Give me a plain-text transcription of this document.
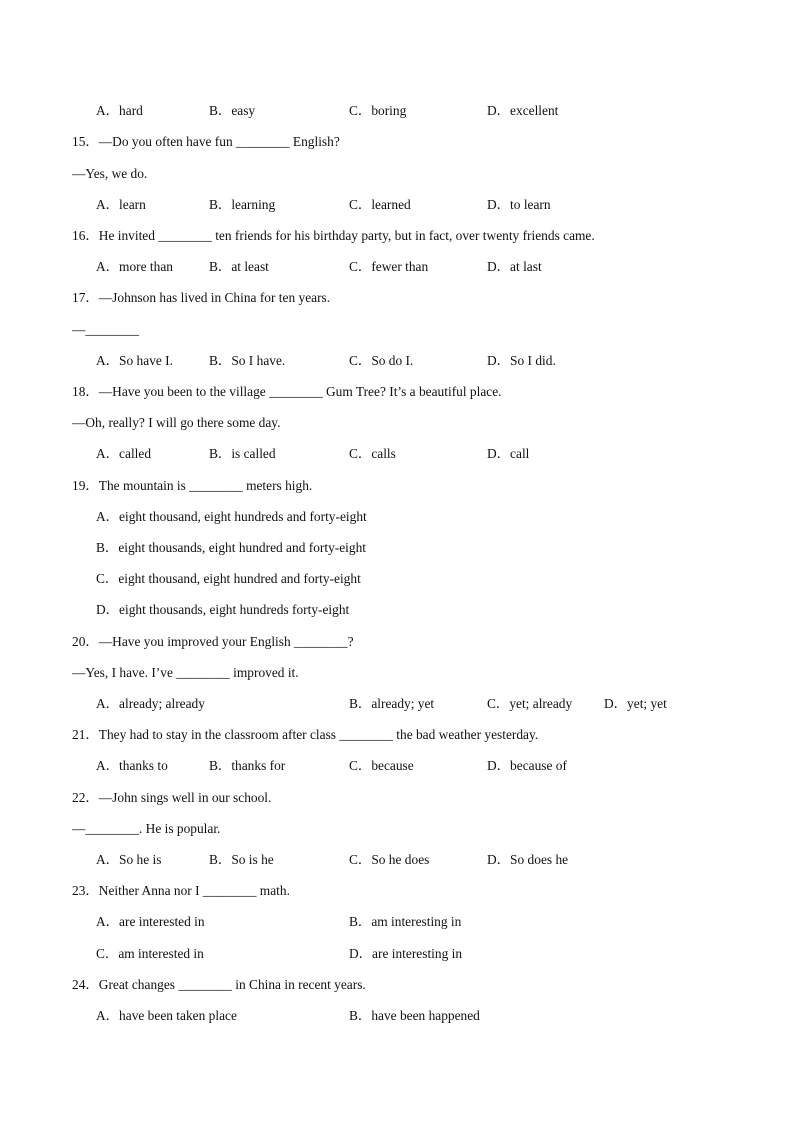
A．hard	B．easy	C．boring	D．excellent
15．—Do you often have fun ________ English?
—Yes, we do.
A．learn	B．learning	C．learned	D．to learn
16．He invited ________ ten friends for his birthday party, but in fact, over twenty friends came.
A．more than	B．at least	C．fewer than	D．at last
17．—Johnson has lived in China for ten years.
—________
A．So have I.	B．So I have.	C．So do I.	D．So I did.
18．—Have you been to the village ________ Gum Tree? It’s a beautiful place.
—Oh, really? I will go there some day.
A．called	B．is called	C．calls	D．call
19．The mountain is ________ meters high.
A．eight thousand, eight hundreds and forty-eight
B．eight thousands, eight hundred and forty-eight
C．eight thousand, eight hundred and forty-eight
D．eight thousands, eight hundreds forty-eight
20．—Have you improved your English ________?
—Yes, I have. I’ve ________ improved it.
A．already; already	B．already; yet	C．yet; already D．yet; yet
21．They had to stay in the classroom after class ________ the bad weather yesterday.
A．thanks to	B．thanks for	C．because	D．because of
22．—John sings well in our school.
—________. He is popular.
A．So he is	B．So is he	C．So he does	D．So does he
23．Neither Anna nor I ________ math.
A．are interested in	B．am interesting in
C．am interested in	D．are interesting in
24．Great changes ________ in China in recent years.
A．have been taken place	B．have been happened
